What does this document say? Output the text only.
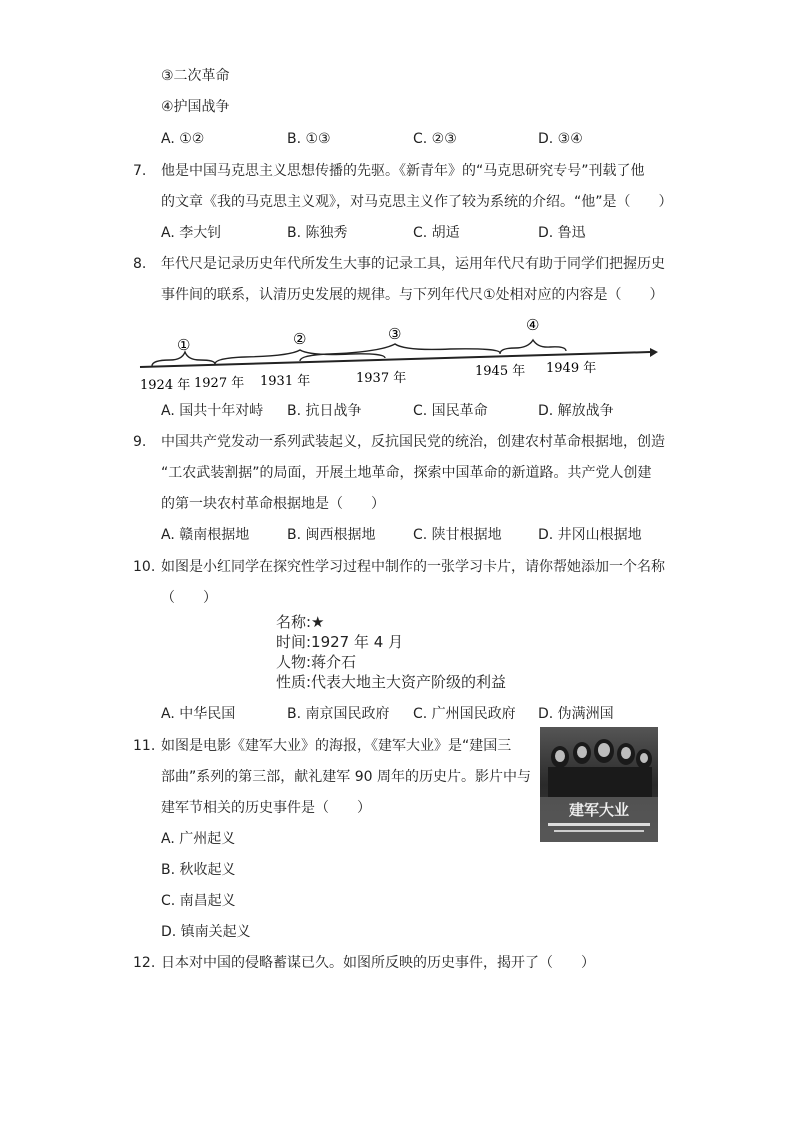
③二次革命
④护国战争
A. ①②	B. ①③	C. ②③	D. ③④
7.	他是中国马克思主义思想传播的先驱。《新青年》的“马克思研究专号”刊载了他
的文章《我的马克思主义观》，对马克思主义作了较为系统的介绍。“他”是（　　）
A. 李大钊	B. 陈独秀	C. 胡适	D. 鲁迅
8.	年代尺是记录历史年代所发生大事的记录工具，运用年代尺有助于同学们把握历史
事件间的联系，认清历史发展的规律。与下列年代尺①处相对应的内容是（　　）
①	②	③	④
1924 年 1927 年 1931 年	1937 年	1945 年 1949 年
A. 国共十年对峙 B. 抗日战争	C. 国民革命	D. 解放战争
9.	中国共产党发动一系列武装起义，反抗国民党的统治，创建农村革命根据地，创造
“工农武装割据”的局面，开展土地革命，探索中国革命的新道路。共产党人创建
的第一块农村革命根据地是（　　）
A. 赣南根据地	B. 闽西根据地	C. 陕甘根据地	D. 井冈山根据地
10. 如图是小红同学在探究性学习过程中制作的一张学习卡片，请你帮她添加一个名称
（　　）
名称:★
时间:1927 年 4 月
人物:蒋介石
性质:代表大地主大资产阶级的利益
A. 中华民国	B. 南京国民政府 C. 广州国民政府 D. 伪满洲国
11. 如图是电影《建军大业》的海报，《建军大业》是“建国三
部曲”系列的第三部，献礼建军 90 周年的历史片。影片中与
建军节相关的历史事件是（　　）	建军大业
A. 广州起义
B. 秋收起义
C. 南昌起义
D. 镇南关起义
12. 日本对中国的侵略蓄谋已久。如图所反映的历史事件，揭开了（　　）
